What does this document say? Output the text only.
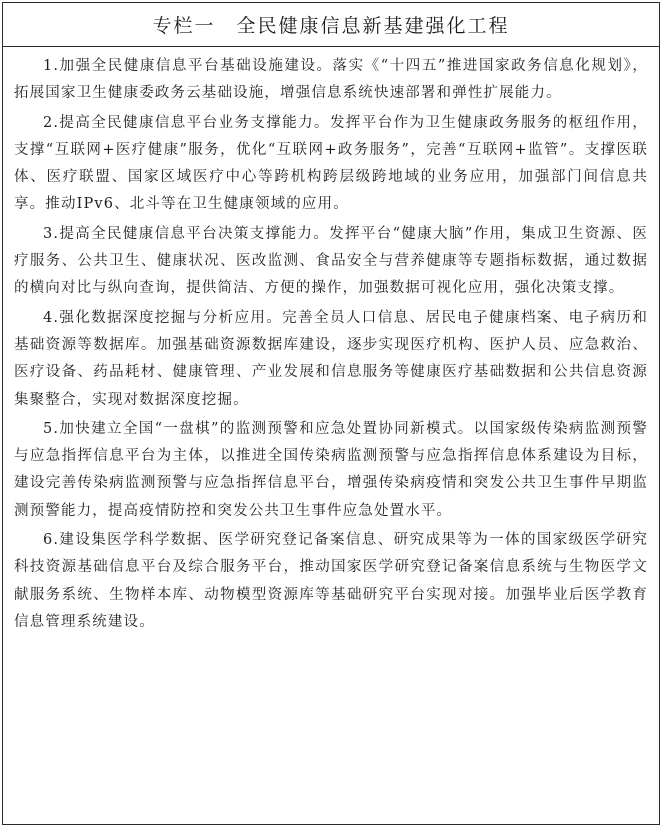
专栏一　全民健康信息新基建强化工程

1.加强全民健康信息平台基础设施建设。落实《“十四五”推进国家政务信息化规划》，拓展国家卫生健康委政务云基础设施，增强信息系统快速部署和弹性扩展能力。

2.提高全民健康信息平台业务支撑能力。发挥平台作为卫生健康政务服务的枢纽作用，支撑“互联网+医疗健康”服务，优化“互联网+政务服务”，完善“互联网+监管”。支撑医联体、医疗联盟、国家区域医疗中心等跨机构跨层级跨地域的业务应用，加强部门间信息共享。推动IPv6、北斗等在卫生健康领域的应用。

3.提高全民健康信息平台决策支撑能力。发挥平台“健康大脑”作用，集成卫生资源、医疗服务、公共卫生、健康状况、医改监测、食品安全与营养健康等专题指标数据，通过数据的横向对比与纵向查询，提供简洁、方便的操作，加强数据可视化应用，强化决策支撑。

4.强化数据深度挖掘与分析应用。完善全员人口信息、居民电子健康档案、电子病历和基础资源等数据库。加强基础资源数据库建设，逐步实现医疗机构、医护人员、应急救治、医疗设备、药品耗材、健康管理、产业发展和信息服务等健康医疗基础数据和公共信息资源集聚整合，实现对数据深度挖掘。

5.加快建立全国“一盘棋”的监测预警和应急处置协同新模式。以国家级传染病监测预警与应急指挥信息平台为主体，以推进全国传染病监测预警与应急指挥信息体系建设为目标，建设完善传染病监测预警与应急指挥信息平台，增强传染病疫情和突发公共卫生事件早期监测预警能力，提高疫情防控和突发公共卫生事件应急处置水平。

6.建设集医学科学数据、医学研究登记备案信息、研究成果等为一体的国家级医学研究科技资源基础信息平台及综合服务平台，推动国家医学研究登记备案信息系统与生物医学文献服务系统、生物样本库、动物模型资源库等基础研究平台实现对接。加强毕业后医学教育信息管理系统建设。
